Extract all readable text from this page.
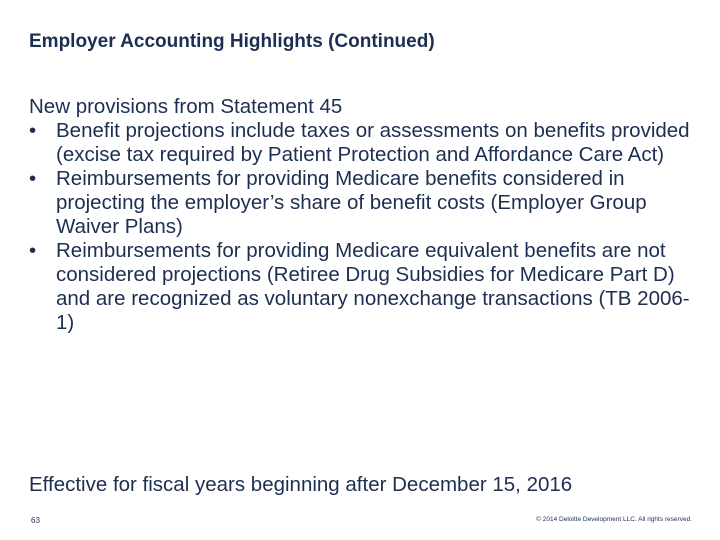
Employer Accounting Highlights (Continued)

New provisions from Statement 45

• Benefit projections include taxes or assessments on benefits provided (excise tax required by Patient Protection and Affordance Care Act)
• Reimbursements for providing Medicare benefits considered in projecting the employer’s share of benefit costs (Employer Group Waiver Plans)
• Reimbursements for providing Medicare equivalent benefits are not considered projections (Retiree Drug Subsidies for Medicare Part D) and are recognized as voluntary nonexchange transactions (TB 2006-1)
Effective for fiscal years beginning after December 15, 2016
63	© 2014 Deloitte Development LLC. All rights reserved.
